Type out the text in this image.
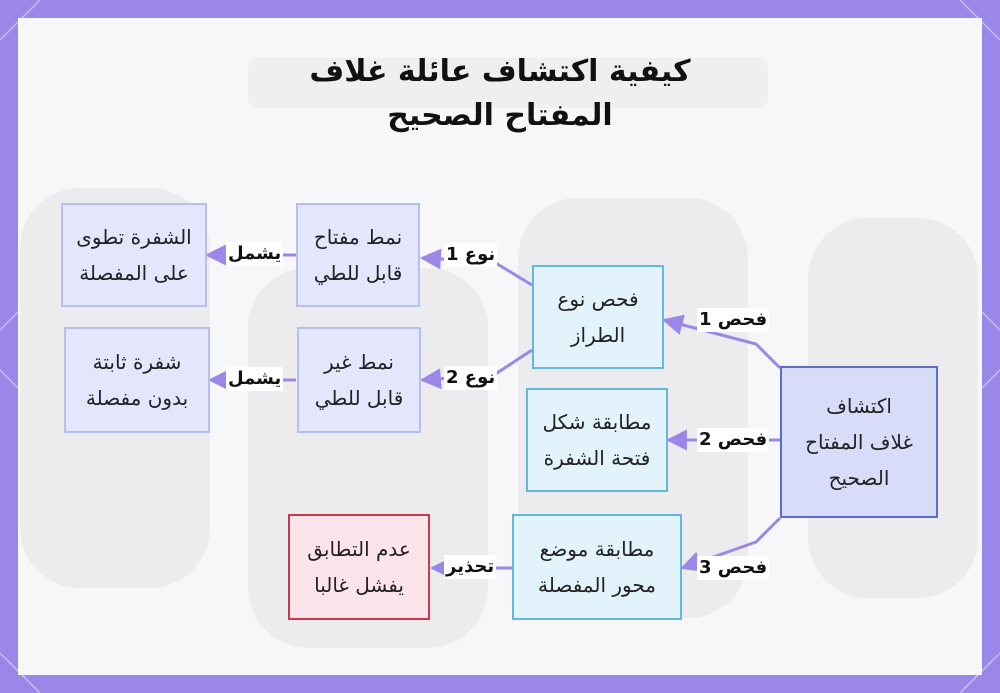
كيفية اكتشاف عائلة غلاف
المفتاح الصحيح
اكتشاف
غلاف المفتاح
الصحيح
فحص نوع
الطراز
مطابقة شكل
فتحة الشفرة
مطابقة موضع
محور المفصلة
نمط مفتاح
قابل للطي
نمط غير
قابل للطي
الشفرة تطوى
على المفصلة
شفرة ثابتة
بدون مفصلة
عدم التطابق
يفشل غالبا
فحص 1
فحص 2
فحص 3
نوع 1
نوع 2
يشمل
يشمل
تحذير
